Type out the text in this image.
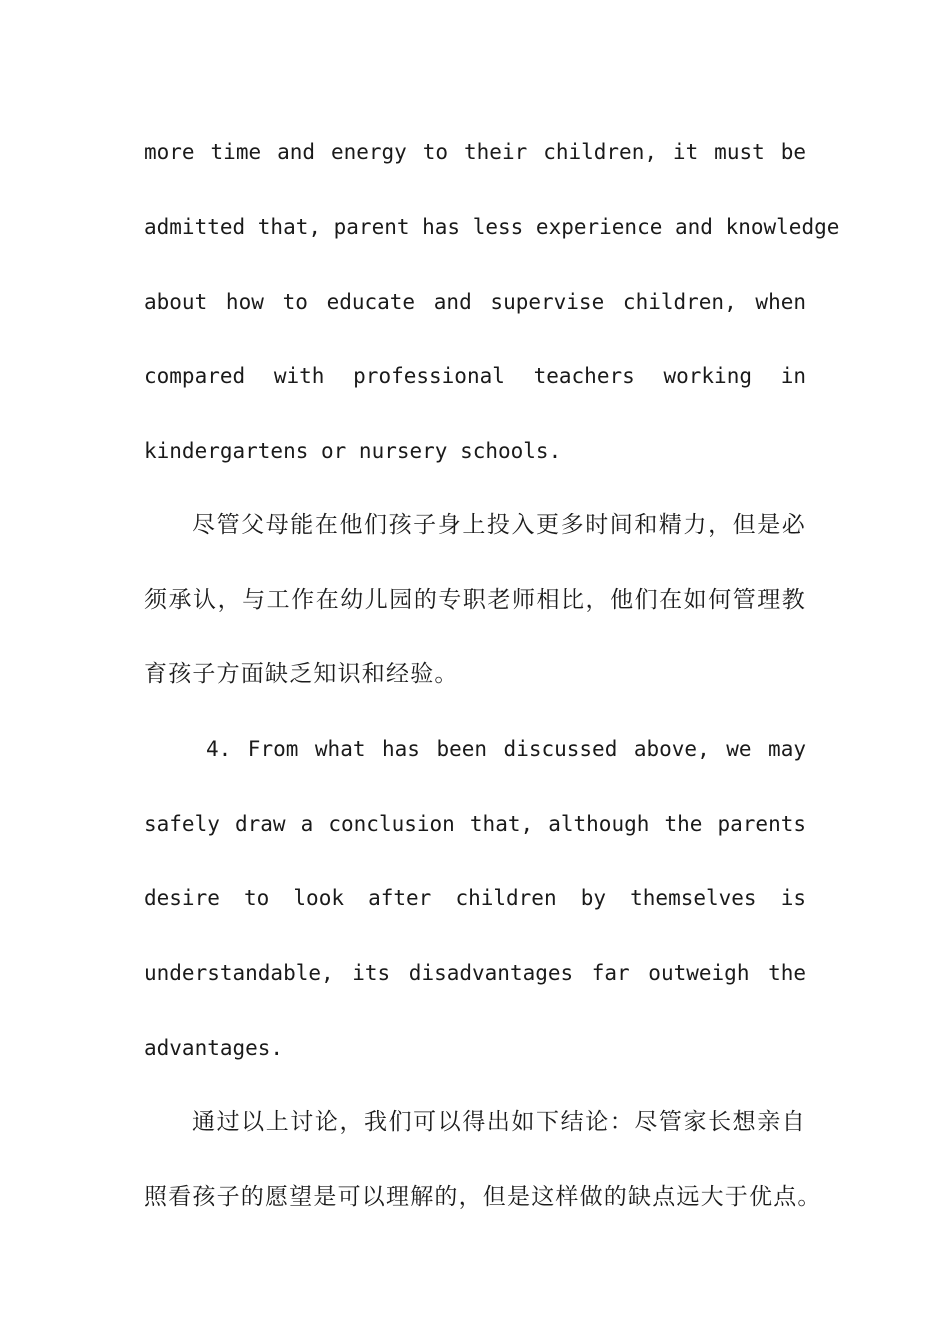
more time and energy to their children, it must be
admitted that, parent has less experience and knowledge
about how to educate and supervise children, when
compared with professional teachers working in
kindergartens or nursery schools.
尽管父母能在他们孩子身上投入更多时间和精力，但是必
须承认，与工作在幼儿园的专职老师相比，他们在如何管理教
育孩子方面缺乏知识和经验。
4. From what has been discussed above, we may
safely draw a conclusion that, although the parents
desire to look after children by themselves is
understandable, its disadvantages far outweigh the
advantages.
通过以上讨论，我们可以得出如下结论：尽管家长想亲自
照看孩子的愿望是可以理解的，但是这样做的缺点远大于优点。
